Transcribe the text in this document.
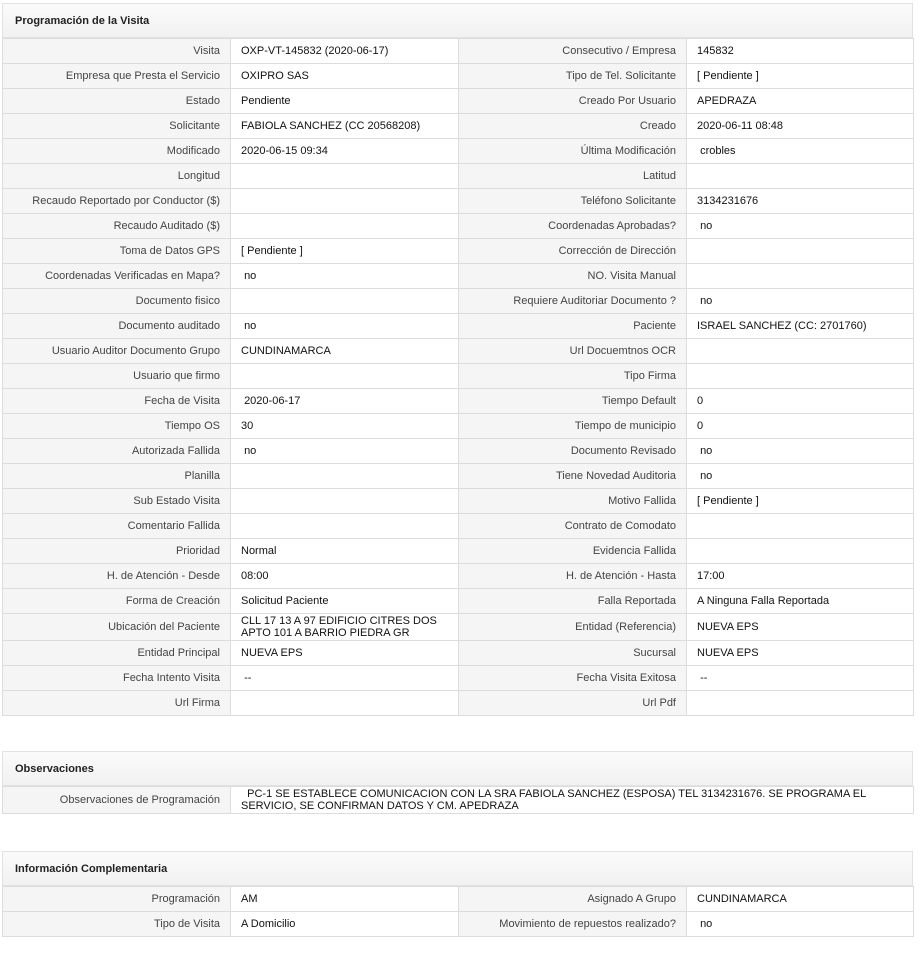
Programación de la Visita
Visita	OXP-VT-145832 (2020-06-17)	Consecutivo / Empresa	145832
Empresa que Presta el Servicio	OXIPRO SAS	Tipo de Tel. Solicitante	[ Pendiente ]
Estado	Pendiente	Creado Por Usuario	APEDRAZA
Solicitante	FABIOLA SANCHEZ (CC 20568208)	Creado	2020-06-11 08:48
Modificado	2020-06-15 09:34	Última Modificación	crobles
Longitud		Latitud	
Recaudo Reportado por Conductor ($)		Teléfono Solicitante	3134231676
Recaudo Auditado ($)		Coordenadas Aprobadas?	no
Toma de Datos GPS	[ Pendiente ]	Corrección de Dirección	
Coordenadas Verificadas en Mapa?	no	NO. Visita Manual	
Documento fisico		Requiere Auditoriar Documento ?	no
Documento auditado	no	Paciente	ISRAEL SANCHEZ (CC: 2701760)
Usuario Auditor Documento Grupo	CUNDINAMARCA	Url Docuemtnos OCR	
Usuario que firmo		Tipo Firma	
Fecha de Visita	2020-06-17	Tiempo Default	0
Tiempo OS	30	Tiempo de municipio	0
Autorizada Fallida	no	Documento Revisado	no
Planilla		Tiene Novedad Auditoria	no
Sub Estado Visita		Motivo Fallida	[ Pendiente ]
Comentario Fallida		Contrato de Comodato	
Prioridad	Normal	Evidencia Fallida	
H. de Atención - Desde	08:00	H. de Atención - Hasta	17:00
Forma de Creación	Solicitud Paciente	Falla Reportada	A Ninguna Falla Reportada
Ubicación del Paciente	CLL 17 13 A 97 EDIFICIO CITRES DOS APTO 101 A BARRIO PIEDRA GR	Entidad (Referencia)	NUEVA EPS
Entidad Principal	NUEVA EPS	Sucursal	NUEVA EPS
Fecha Intento Visita	--	Fecha Visita Exitosa	--
Url Firma		Url Pdf	
Observaciones
Observaciones de Programación	PC-1 SE ESTABLECE COMUNICACION CON LA SRA FABIOLA SANCHEZ (ESPOSA) TEL 3134231676. SE PROGRAMA EL SERVICIO, SE CONFIRMAN DATOS Y CM. APEDRAZA
Información Complementaria
Programación	AM	Asignado A Grupo	CUNDINAMARCA
Tipo de Visita	A Domicilio	Movimiento de repuestos realizado?	no
